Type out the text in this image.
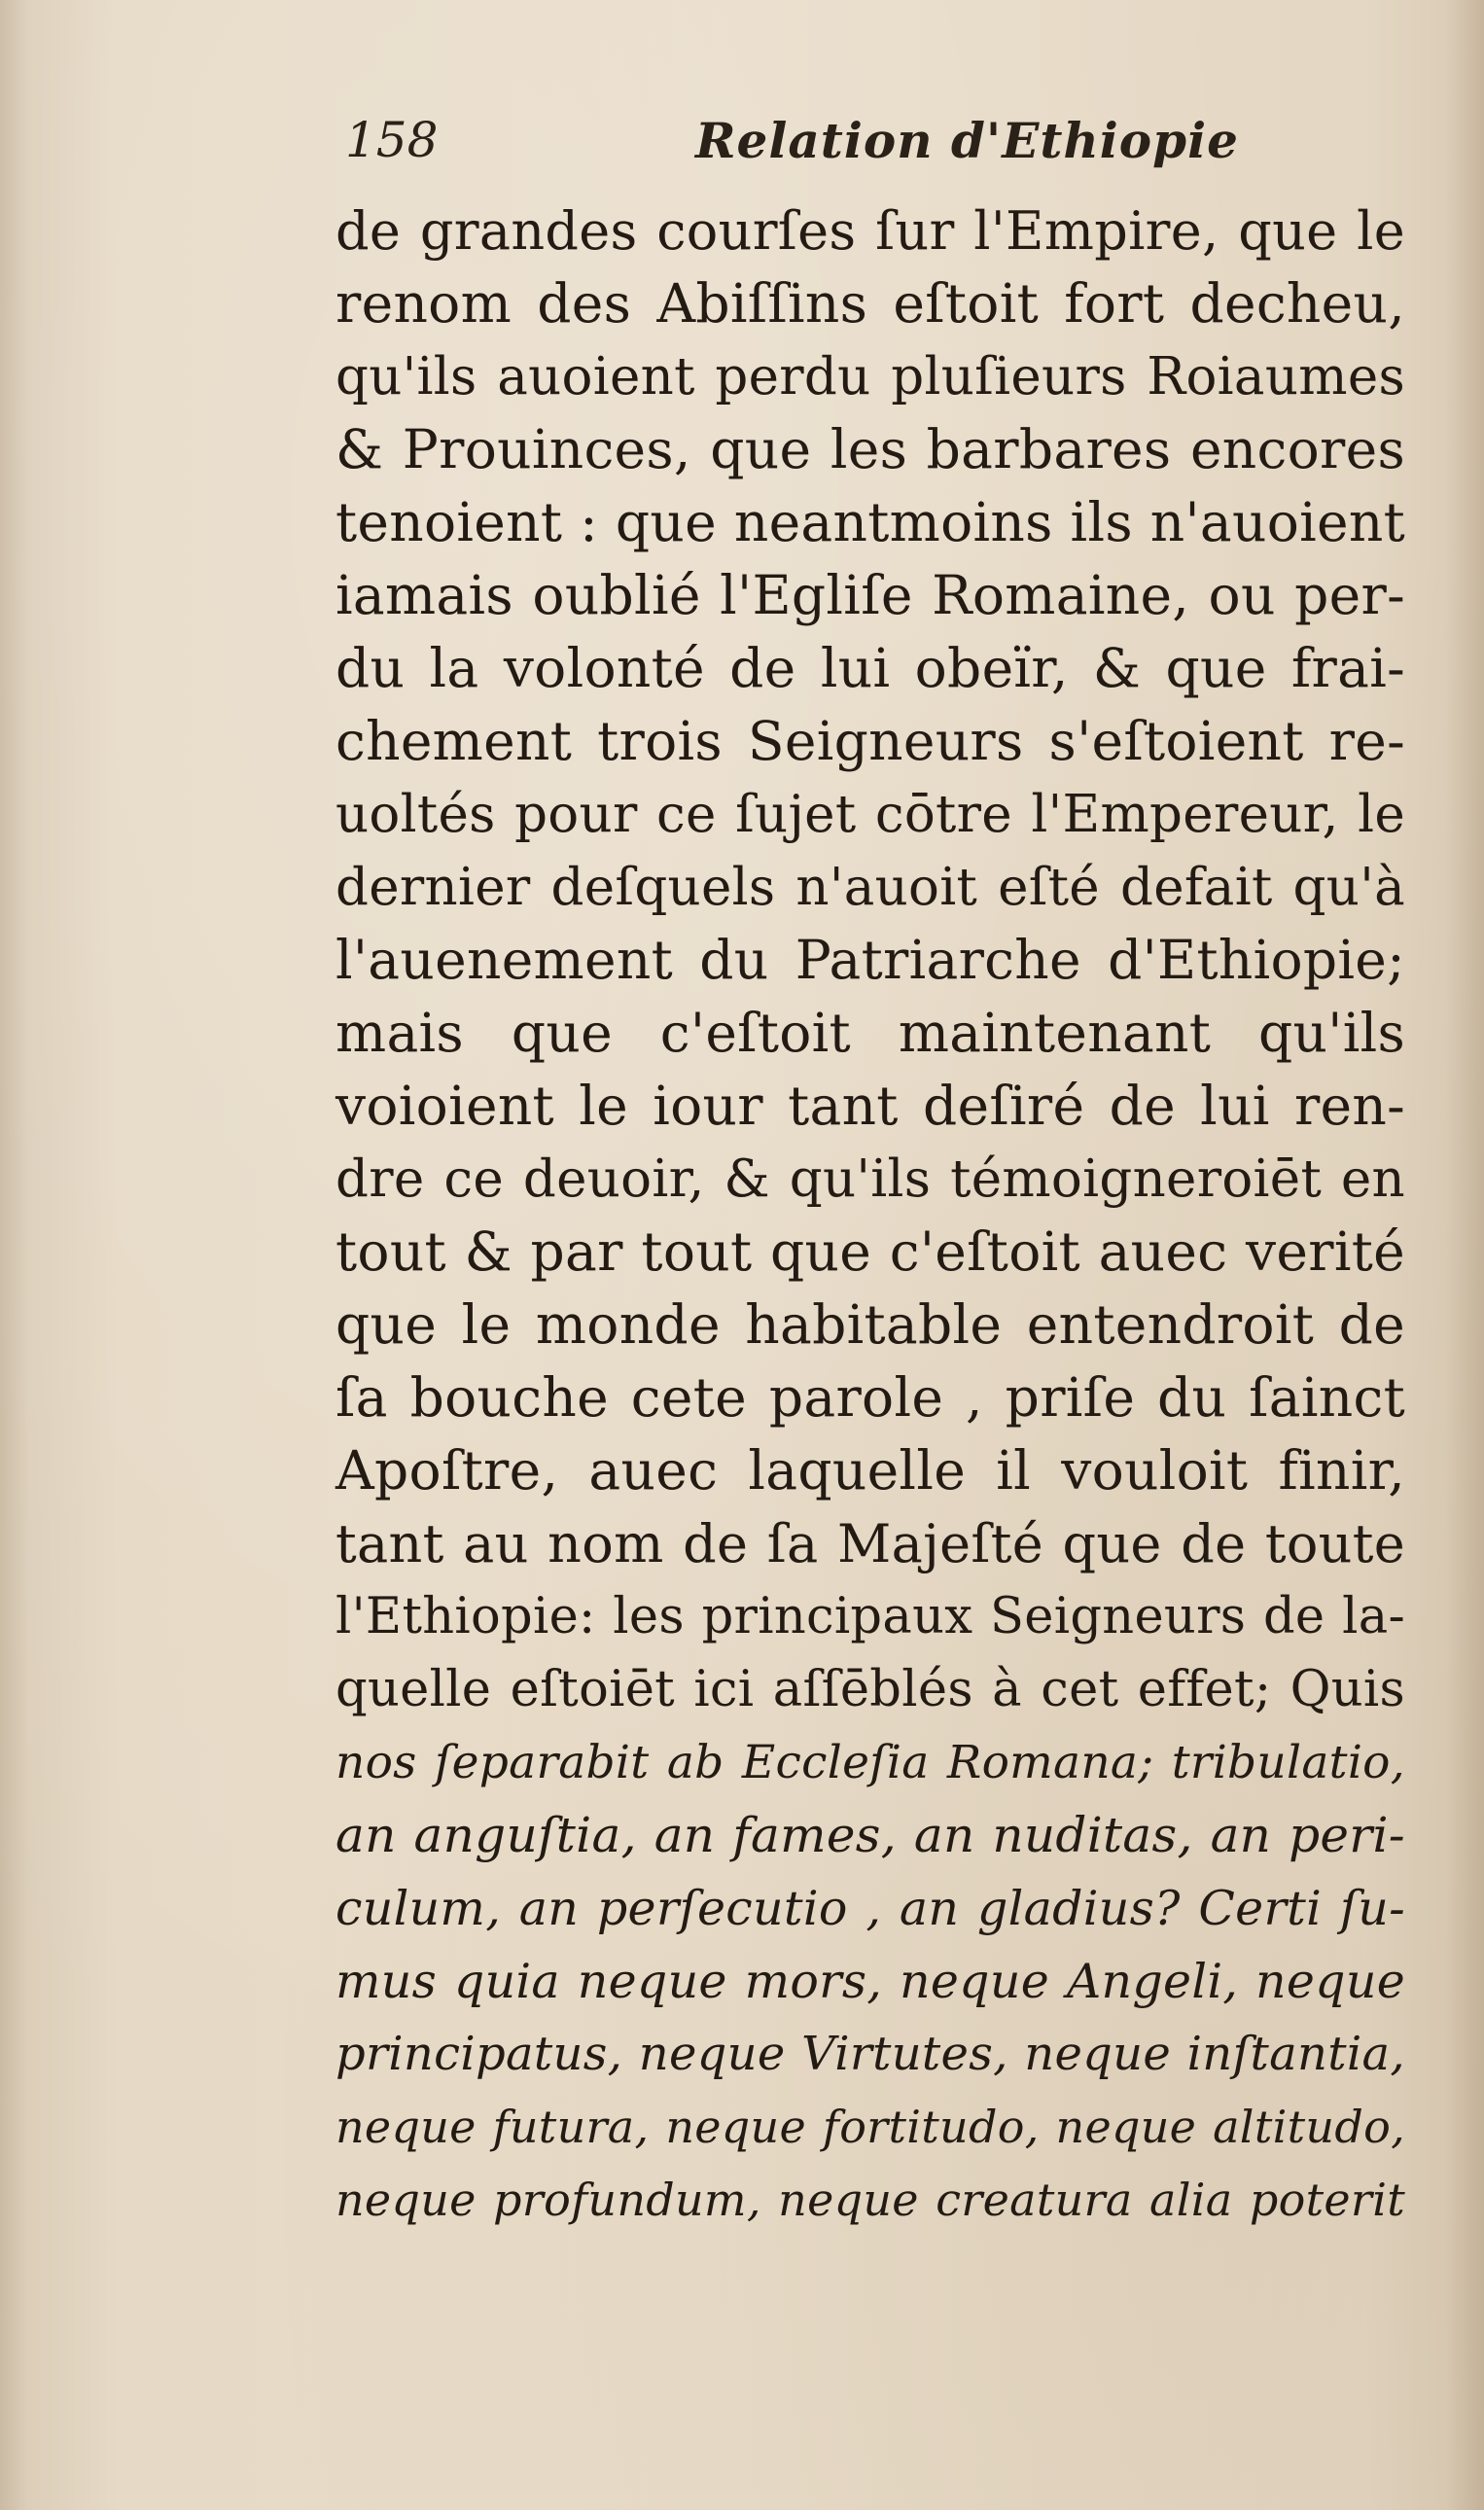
158	Relation d'Ethiopie
de grandes courſes ſur l'Empire, que le
renom des Abiſſins eſtoit fort decheu,
qu'ils auoient perdu pluſieurs Roiaumes
& Prouinces, que les barbares encores
tenoient : que neantmoins ils n'auoient
iamais oublié l'Egliſe Romaine, ou per-
du la volonté de lui obeïr, & que frai-
chement trois Seigneurs s'eſtoient re-
uoltés pour ce ſujet cōtre l'Empereur, le
dernier deſquels n'auoit eſté defait qu'à
l'auenement du Patriarche d'Ethiopie;
mais que c'eſtoit maintenant qu'ils
voioient le iour tant deſiré de lui ren-
dre ce deuoir, & qu'ils témoigneroiēt en
tout & par tout que c'eſtoit auec verité
que le monde habitable entendroit de
ſa bouche cete parole , priſe du ſainct
Apoſtre, auec laquelle il vouloit finir,
tant au nom de ſa Majeſté que de toute
l'Ethiopie: les principaux Seigneurs de la-
quelle eſtoiēt ici aſſēblés à cet effet; Quis
nos ſeparabit ab Eccleſia Romana; tribulatio,
an anguſtia, an fames, an nuditas, an peri-
culum, an perſecutio , an gladius? Certi ſu-
mus quia neque mors, neque Angeli, neque
principatus, neque Virtutes, neque inſtantia,
neque futura, neque fortitudo, neque altitudo,
neque profundum, neque creatura alia poterit
